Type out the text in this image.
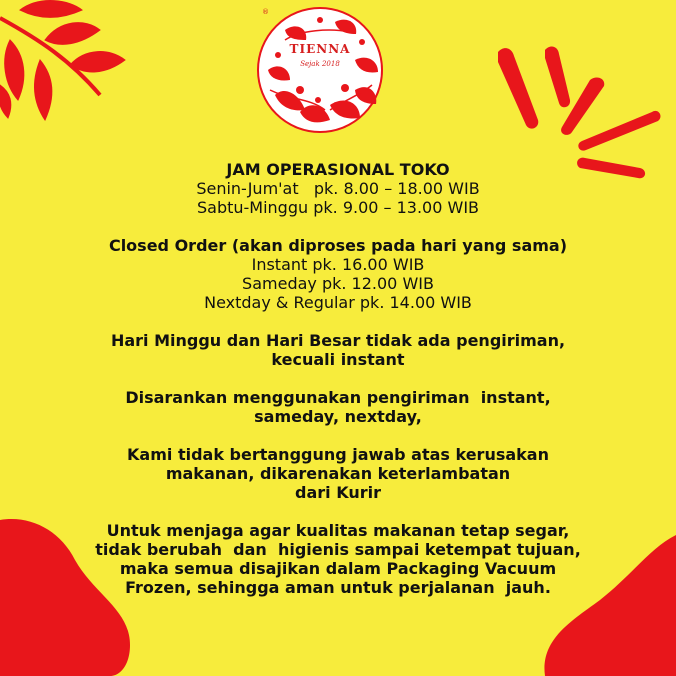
TIENNA
Sejak 2018
®

JAM OPERASIONAL TOKO

Senin-Jum'at   pk. 8.00 – 18.00 WIB

Sabtu-Minggu pk. 9.00 – 13.00 WIB

Closed Order (akan diproses pada hari yang sama)

Instant pk. 16.00 WIB

Sameday pk. 12.00 WIB

Nextday & Regular pk. 14.00 WIB

Hari Minggu dan Hari Besar tidak ada pengiriman,

kecuali instant

Disarankan menggunakan pengiriman  instant,

sameday, nextday,

Kami tidak bertanggung jawab atas kerusakan

makanan, dikarenakan keterlambatan

dari Kurir

Untuk menjaga agar kualitas makanan tetap segar,

tidak berubah  dan  higienis sampai ketempat tujuan,

maka semua disajikan dalam Packaging Vacuum

Frozen, sehingga aman untuk perjalanan  jauh.
